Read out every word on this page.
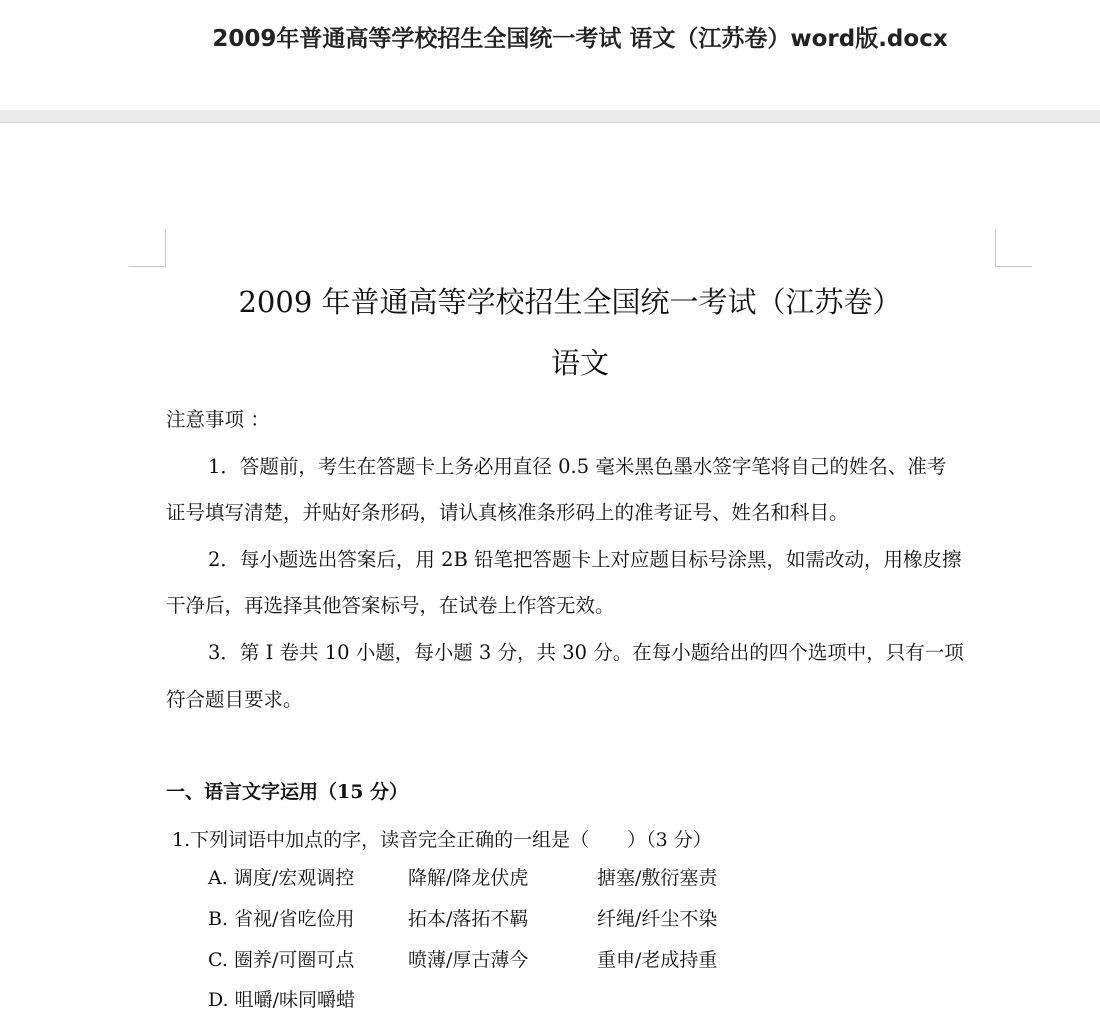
2009年普通高等学校招生全国统一考试 语文（江苏卷）word版.docx
2009 年普通高等学校招生全国统一考试（江苏卷）
语文
注意事项 ：
1．答题前，考生在答题卡上务必用直径 0.5 毫米黑色墨水签字笔将自己的姓名、准考
证号填写清楚，并贴好条形码，请认真核准条形码上的准考证号、姓名和科目。
2．每小题选出答案后，用 2B 铅笔把答题卡上对应题目标号涂黑，如需改动，用橡皮擦
干净后，再选择其他答案标号，在试卷上作答无效。
3．第 I 卷共 10 小题，每小题 3 分，共 30 分。在每小题给出的四个选项中，只有一项
符合题目要求。
一、语言文字运用（15 分）
1.下列词语中加点的字，读音完全正确的一组是（　　）（3 分）
A. 调度/宏观调控	降解/降龙伏虎	搪塞/敷衍塞责
B. 省视/省吃俭用	拓本/落拓不羁	纤绳/纤尘不染
C. 圈养/可圈可点	喷薄/厚古薄今	重申/老成持重
D. 咀嚼/味同嚼蜡
